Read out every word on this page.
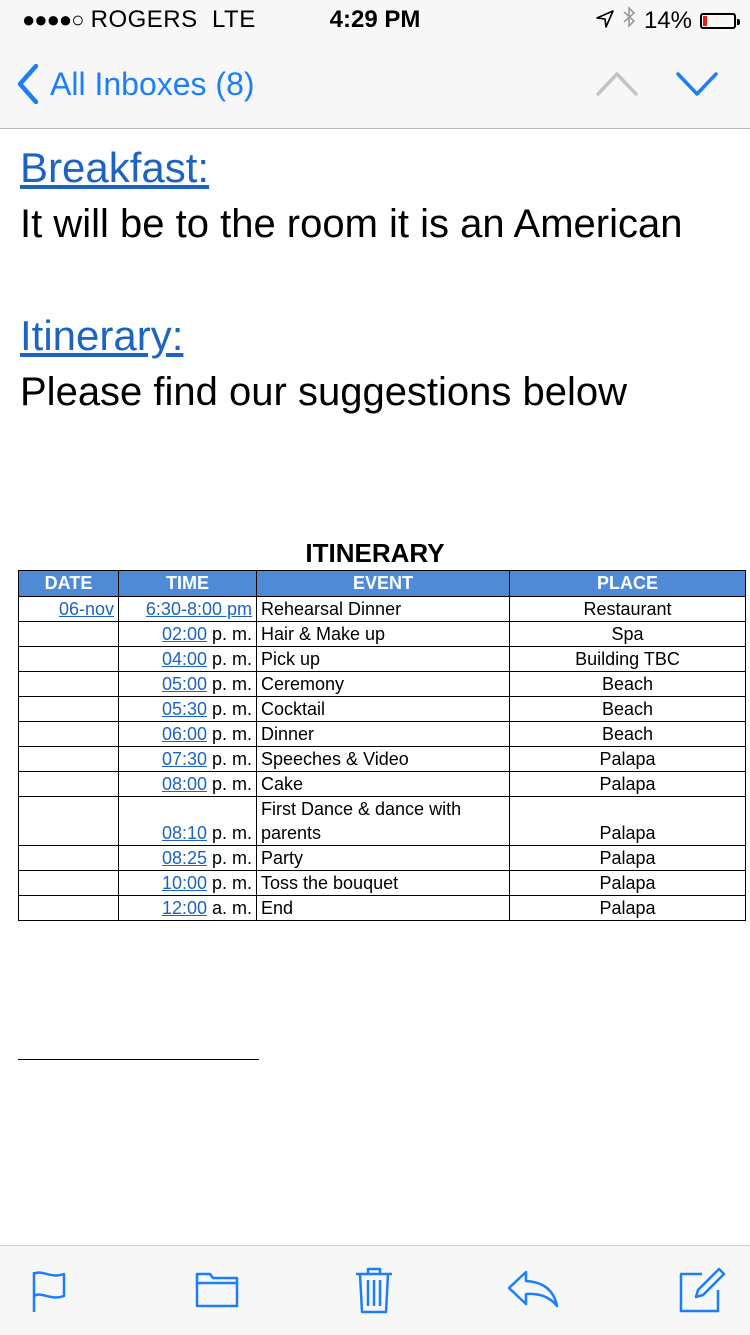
●●●●○ ROGERS LTE	4:29 PM	14%
All Inboxes (8)

Breakfast:

It will be to the room it is an American

Itinerary:

Please find our suggestions below

ITINERARY
DATE	TIME	EVENT	PLACE
06-nov	6:30-8:00 pm	Rehearsal Dinner	Restaurant
	02:00 p. m.	Hair & Make up	Spa
	04:00 p. m.	Pick up	Building TBC
	05:00 p. m.	Ceremony	Beach
	05:30 p. m.	Cocktail	Beach
	06:00 p. m.	Dinner	Beach
	07:30 p. m.	Speeches & Video	Palapa
	08:00 p. m.	Cake	Palapa
	08:10 p. m.	First Dance & dance with parents	Palapa
	08:25 p. m.	Party	Palapa
	10:00 p. m.	Toss the bouquet	Palapa
	12:00 a. m.	End	Palapa
